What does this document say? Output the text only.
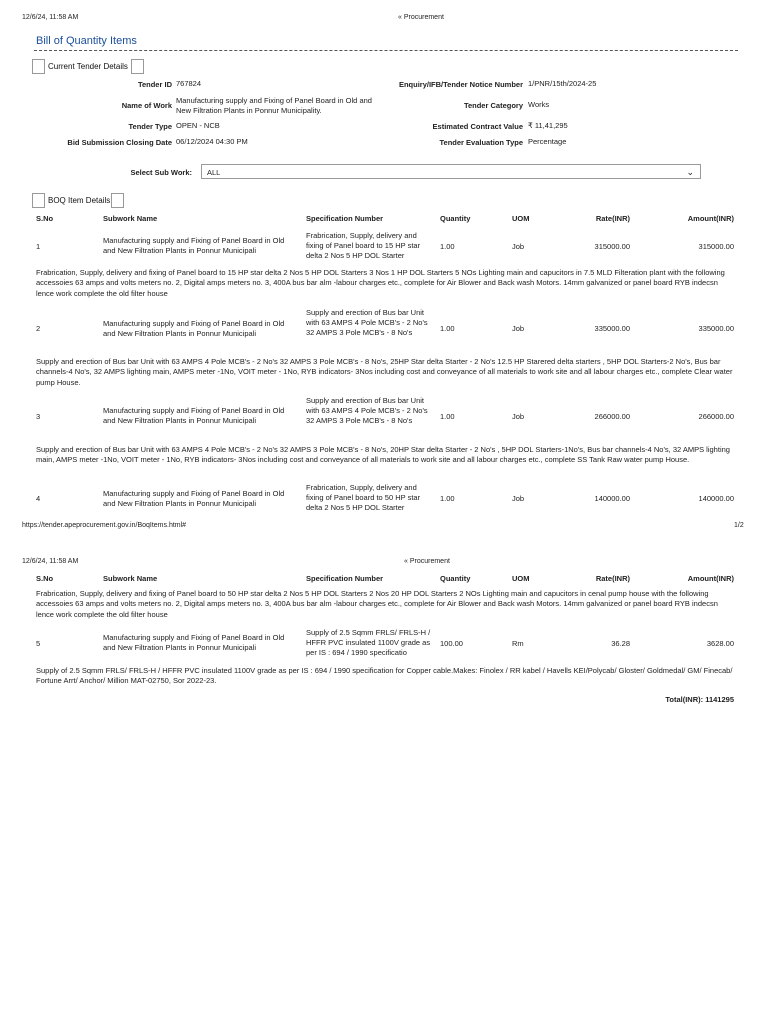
12/6/24, 11:58 AM	« Procurement
Bill of Quantity Items
Current Tender Details
Tender ID 767824
Name of Work
Manufacturing supply and Fixing of Panel Board in Old and New Filtration Plants in Ponnur Municipality.
Tender Type OPEN - NCB
Bid Submission Closing Date 06/12/2024 04:30 PM
Enquiry/IFB/Tender Notice Number 1/PNR/15th/2024-25
Tender Category Works
Estimated Contract Value ₹ 11,41,295
Tender Evaluation Type Percentage
Select Sub Work:	ALL	⌄
BOQ Item Details
S.No	Subwork Name	Specification Number	Quantity	UOM	Rate(INR)	Amount(INR)
1
Manufacturing supply and Fixing of Panel Board in Old and New Filtration Plants in Ponnur Municipali
Frabrication, Supply, delivery and fixing of Panel board to 15 HP star delta 2 Nos 5 HP DOL Starter
1.00	Job	315000.00	315000.00
Frabrication, Supply, delivery and fixing of Panel board to 15 HP star delta 2 Nos 5 HP DOL Starters 3 Nos 1 HP DOL Starters 5 NOs Lighting main and capucitors in 7.5 MLD Filteration plant with the following accessoies 63 amps and volts meters no. 2, Digital amps meters no. 3, 400A bus bar alm -labour charges etc., complete for Air Blower and Back wash Motors. 14mm galvanized or panel board RYB indecsn lence work complete the old filter house
2
Manufacturing supply and Fixing of Panel Board in Old and New Filtration Plants in Ponnur Municipali
Supply and erection of Bus bar Unit with 63 AMPS 4 Pole MCB's - 2 No's 32 AMPS 3 Pole MCB's - 8 No's	1.00	Job	335000.00	335000.00
Supply and erection of Bus bar Unit with 63 AMPS 4 Pole MCB's - 2 No's 32 AMPS 3 Pole MCB's - 8 No's, 25HP Star delta Starter - 2 No's 12.5 HP Starered delta starters , 5HP DOL Starters-2 No's, Bus bar channels-4 No's, 32 AMPS lighting main, AMPS meter -1No, VOIT meter - 1No, RYB indicators- 3Nos including cost and conveyance of all materials to work site and all labour charges etc., complete Clear water pump House.
3
Manufacturing supply and Fixing of Panel Board in Old and New Filtration Plants in Ponnur Municipali
Supply and erection of Bus bar Unit with 63 AMPS 4 Pole MCB's - 2 No's 32 AMPS 3 Pole MCB's - 8 No's	1.00	Job	266000.00	266000.00
Supply and erection of Bus bar Unit with 63 AMPS 4 Pole MCB's - 2 No's 32 AMPS 3 Pole MCB's - 8 No's, 20HP Star delta Starter - 2 No's , 5HP DOL Starters-1No's, Bus bar channels-4 No's, 32 AMPS lighting main, AMPS meter -1No, VOIT meter - 1No, RYB indicators- 3Nos including cost and conveyance of all materials to work site and all labour charges etc., complete SS Tank Raw water pump House.
4
Manufacturing supply and Fixing of Panel Board in Old and New Filtration Plants in Ponnur Municipali
Frabrication, Supply, delivery and fixing of Panel board to 50 HP star delta 2 Nos 5 HP DOL Starter
1.00	Job	140000.00	140000.00
https://tender.apeprocurement.gov.in/BoqItems.html#	1/2
12/6/24, 11:58 AM	« Procurement
S.No	Subwork Name	Specification Number	Quantity	UOM	Rate(INR)	Amount(INR)
Frabrication, Supply, delivery and fixing of Panel board to 50 HP star delta 2 Nos 5 HP DOL Starters 2 Nos 20 HP DOL Starters 2 NOs Lighting main and capucitors in cenal pump house with the following accessoies 63 amps and volts meters no. 2, Digital amps meters no. 3, 400A bus bar alm -labour charges etc., complete for Air Blower and Back wash Motors. 14mm galvanized or panel board RYB indecsn lence work complete the old filter house
5
Manufacturing supply and Fixing of Panel Board in Old and New Filtration Plants in Ponnur Municipali
Supply of 2.5 Sqmm FRLS/ FRLS-H / HFFR PVC insulated 1100V grade as per IS : 694 / 1990 specificatio
100.00	Rm	36.28	3628.00
Supply of 2.5 Sqmm FRLS/ FRLS-H / HFFR PVC insulated 1100V grade as per IS : 694 / 1990 specification for Copper cable.Makes: Finolex / RR kabel / Havells KEI/Polycab/ Gloster/ Goldmedal/ GM/ Finecab/ Fortune Arrt/ Anchor/ Million MAT-02750, Sor 2022-23.
Total(INR): 1141295
